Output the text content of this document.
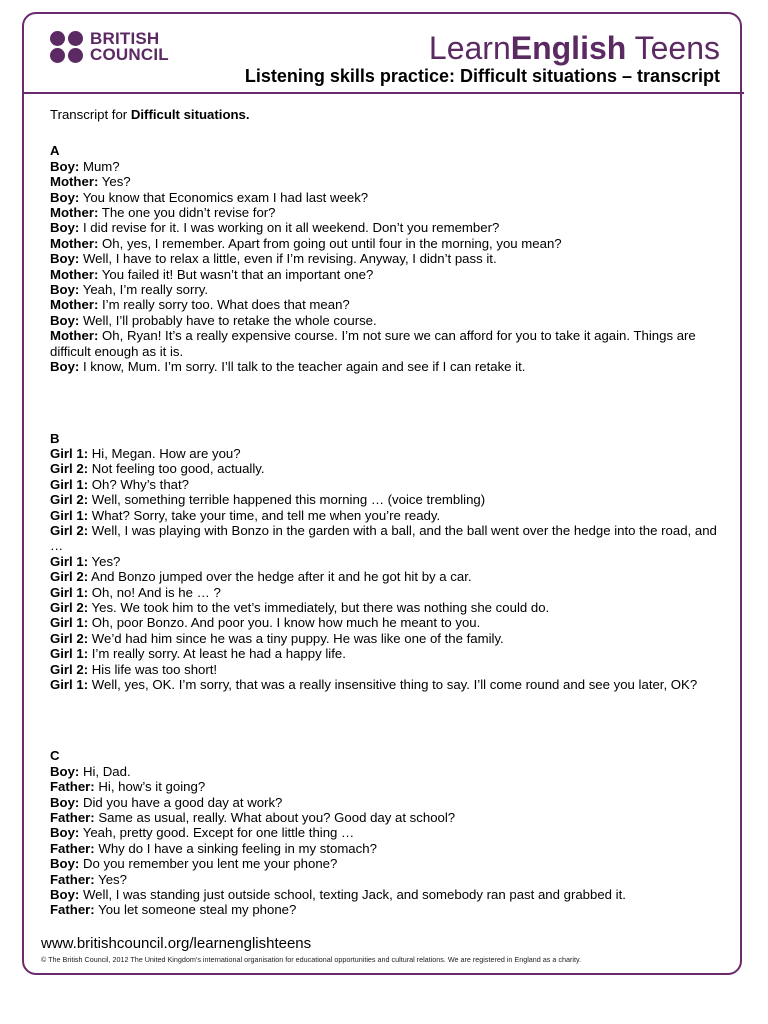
BRITISH COUNCIL	LearnEnglish Teens
Listening skills practice: Difficult situations – transcript

Transcript for Difficult situations.

A

Boy: Mum?

Mother: Yes?

Boy: You know that Economics exam I had last week?

Mother: The one you didn’t revise for?

Boy: I did revise for it. I was working on it all weekend. Don’t you remember?

Mother: Oh, yes, I remember. Apart from going out until four in the morning, you mean?

Boy: Well, I have to relax a little, even if I’m revising. Anyway, I didn’t pass it.

Mother: You failed it! But wasn’t that an important one?

Boy: Yeah, I’m really sorry.

Mother: I’m really sorry too. What does that mean?

Boy: Well, I’ll probably have to retake the whole course.

Mother: Oh, Ryan! It’s a really expensive course. I’m not sure we can afford for you to take it again. Things are difficult enough as it is.

Boy: I know, Mum. I’m sorry. I’ll talk to the teacher again and see if I can retake it.

B

Girl 1: Hi, Megan. How are you?

Girl 2: Not feeling too good, actually.

Girl 1: Oh? Why’s that?

Girl 2: Well, something terrible happened this morning … (voice trembling)

Girl 1: What? Sorry, take your time, and tell me when you’re ready.

Girl 2: Well, I was playing with Bonzo in the garden with a ball, and the ball went over the hedge into the road, and …

Girl 1: Yes?

Girl 2: And Bonzo jumped over the hedge after it and he got hit by a car.

Girl 1: Oh, no! And is he … ?

Girl 2: Yes. We took him to the vet’s immediately, but there was nothing she could do.

Girl 1: Oh, poor Bonzo. And poor you. I know how much he meant to you.

Girl 2: We’d had him since he was a tiny puppy. He was like one of the family.

Girl 1: I’m really sorry. At least he had a happy life.

Girl 2: His life was too short!

Girl 1: Well, yes, OK. I’m sorry, that was a really insensitive thing to say. I’ll come round and see you later, OK?

C

Boy: Hi, Dad.

Father: Hi, how’s it going?

Boy: Did you have a good day at work?

Father: Same as usual, really. What about you? Good day at school?

Boy: Yeah, pretty good. Except for one little thing …

Father: Why do I have a sinking feeling in my stomach?

Boy: Do you remember you lent me your phone?

Father: Yes?

Boy: Well, I was standing just outside school, texting Jack, and somebody ran past and grabbed it.

Father: You let someone steal my phone?

www.britishcouncil.org/learnenglishteens
© The British Council, 2012 The United Kingdom’s international organisation for educational opportunities and cultural relations. We are registered in England as a charity.
